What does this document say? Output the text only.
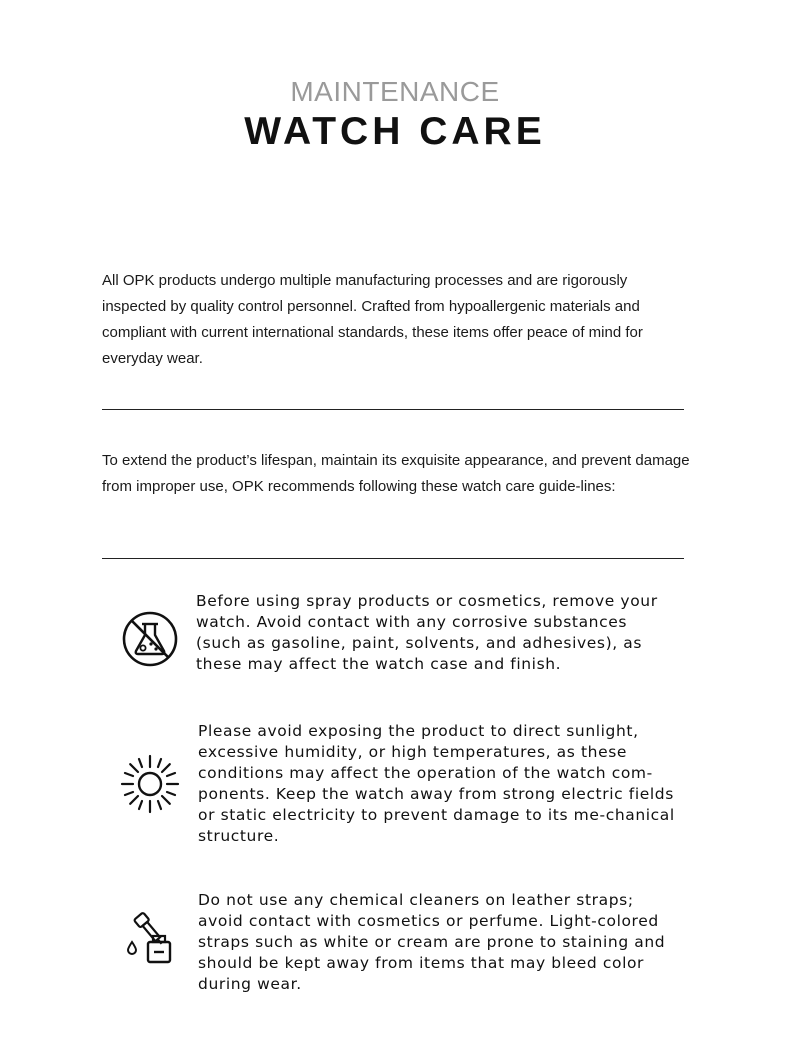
MAINTENANCE
WATCH CARE

All OPK products undergo multiple manufacturing processes and are rigorously inspected by quality control personnel. Crafted from hypoallergenic materials and compliant with current international standards, these items offer peace of mind for everyday wear.

To extend the product’s lifespan, maintain its exquisite appearance, and prevent damage from improper use, OPK recommends following these watch care guide-lines:

Before using spray products or cosmetics, remove your watch. Avoid contact with any corrosive substances (such as gasoline, paint, solvents, and adhesives), as these may affect the watch case and finish.
Please avoid exposing the product to direct sunlight, excessive humidity, or high temperatures, as these conditions may affect the operation of the watch com-ponents. Keep the watch away from strong electric fields or static electricity to prevent damage to its me-chanical structure.
Do not use any chemical cleaners on leather straps; avoid contact with cosmetics or perfume. Light-colored straps such as white or cream are prone to staining and should be kept away from items that may bleed color during wear.
